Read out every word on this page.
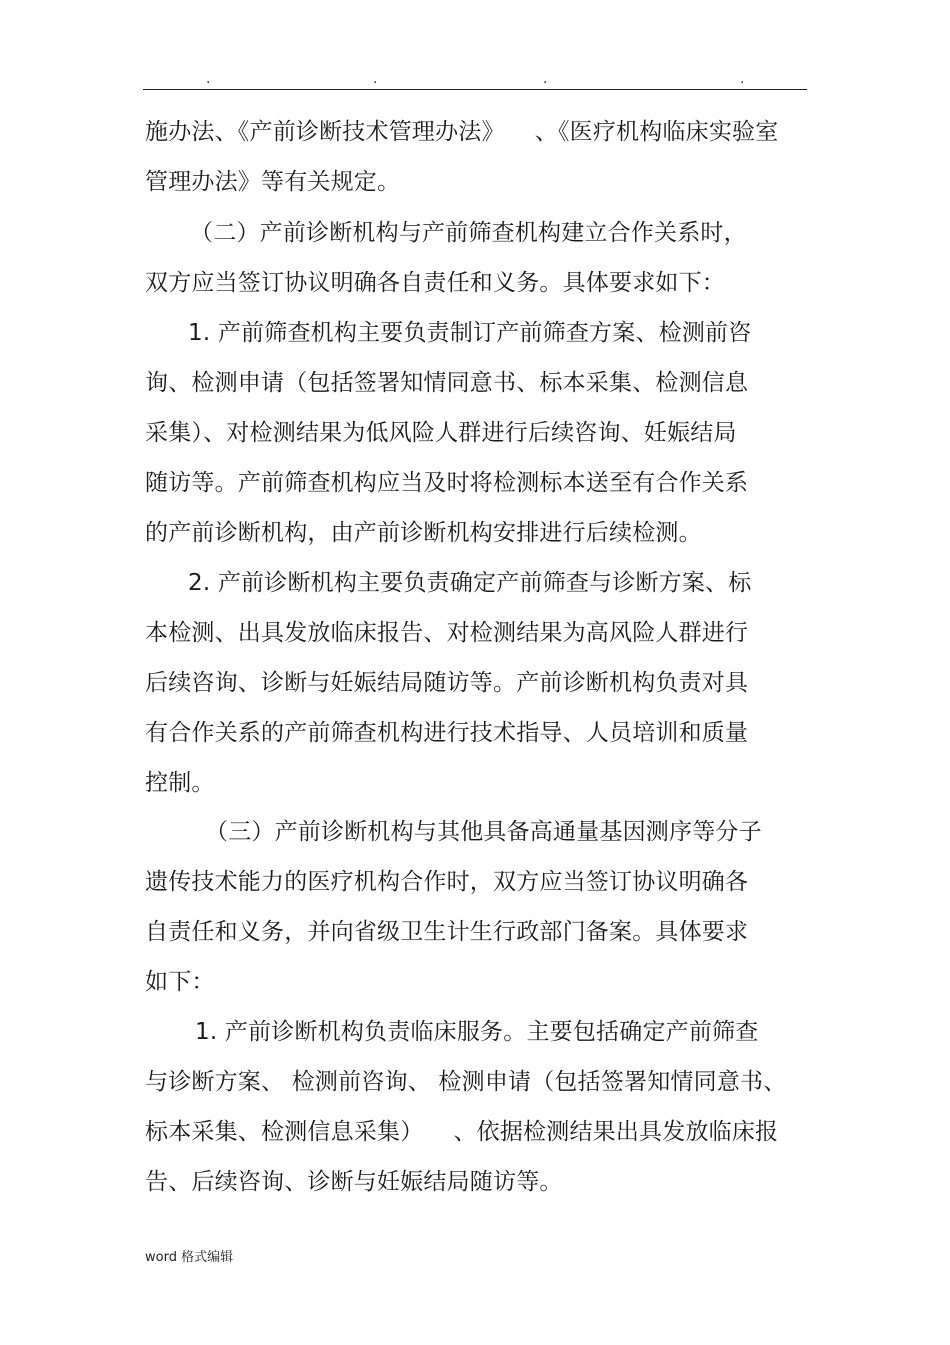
.	.	.	.
施办法、《产前诊断技术管理办法》    、《医疗机构临床实验室
管理办法》等有关规定。
（二）产前诊断机构与产前筛查机构建立合作关系时，
双方应当签订协议明确各自责任和义务。具体要求如下：
1. 产前筛查机构主要负责制订产前筛查方案、检测前咨
询、检测申请（包括签署知情同意书、标本采集、检测信息
采集）、对检测结果为低风险人群进行后续咨询、妊娠结局
随访等。产前筛查机构应当及时将检测标本送至有合作关系
的产前诊断机构，由产前诊断机构安排进行后续检测。
2. 产前诊断机构主要负责确定产前筛查与诊断方案、标
本检测、出具发放临床报告、对检测结果为高风险人群进行
后续咨询、诊断与妊娠结局随访等。产前诊断机构负责对具
有合作关系的产前筛查机构进行技术指导、人员培训和质量
控制。
（三）产前诊断机构与其他具备高通量基因测序等分子
遗传技术能力的医疗机构合作时，双方应当签订协议明确各
自责任和义务，并向省级卫生计生行政部门备案。具体要求
如下：
1. 产前诊断机构负责临床服务。主要包括确定产前筛查
与诊断方案、 检测前咨询、 检测申请（包括签署知情同意书、
标本采集、检测信息采集）    、依据检测结果出具发放临床报
告、后续咨询、诊断与妊娠结局随访等。
word 格式编辑
